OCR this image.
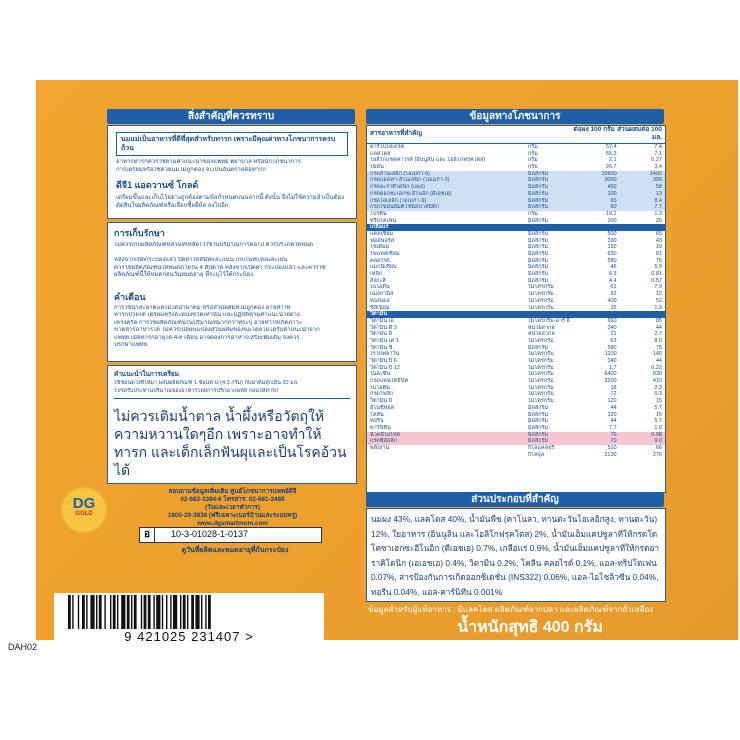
สิ่งสำคัญที่ควรทราบ
นมแม่เป็นอาหารที่ดีที่สุดสำหรับทารก เพราะมีคุณค่าทางโภชนาการครบถ้วน
อาหารทารกควรใช้ตามคำแนะนำของแพทย์ พยาบาล หรือนักโภชนาการ
การเตรียมหรือใช้ด้วยนมไม่ถูกต้อง จะเป็นอันตรายต่อทารก
ดีจี1 แอดวานซ์ โกลด์
เตรียมขึ้นและเก็บไว้อย่างถูกต้องตามข้อกำหนดบนฉลากนี้ ดังนั้น จึงไม่ใช้ความจำเป็นต้องตัดสินใจผลิตภัณฑ์หรือเลือกซื้อยี่ห้อ ลงไปอีก
การเก็บรักษา
ไม่ควรเก็บผลิตภัณฑ์ที่ส่วนที่เหลือไว้ใช้ในปริมาณการต่อไป ควรบริโภคให้หมด
หลังจากเปิดกระป๋องแล้ว ปิดฝาให้สนิทและแน่น เก็บในที่แห้งและเย็น
ควรใช้ผลิตภัณฑ์นี้ให้หมดภายใน 4 สัปดาห์ หลังจากเปิดฝา กระป๋องแล้ว และควรใช้ผลิตภัณฑ์นี้ให้หมดก่อนวันหมดอายุ ที่ระบุไว้ใต้กระป๋อง
คำเตือน
การใช้น้ำสะอาดแต่ไม่ได้นำมาต้ม หรือส่วนผสมที่ไม่ถูกต้อง อาจทำให้
ทารกป่วยได้ เตรียมครั้งละหนึ่งขวดเท่านั้น และปฏิบัติตามคำแนะนำอย่าง
เคร่งครัด การใช้ผลิตภัณฑ์นี้ในปริมาณที่มากกว่าที่ระบุ อาจทำให้เกิดภาวะ
ขาดสารอาหารได้ ไม่ควรเปลี่ยนแปลงส่วนผสมของนมโดยไม่ได้รับคำแนะนำจาก
แพทย์ เมื่อทารกอายุได้ 4-6 เดือน อาจต้องการอาหารเสริมเพิ่มเติม จึงควร
ปรึกษาแพทย์
คำแนะนำในการเตรียม
ใช้ช้อนตวงที่ให้มา ผสมผลิตภัณฑ์ 1 ช้อนตวง (4.3 กรัม) กับน้ำต้มสุกเย็น 30 มล.
โปรดรับประทานปริมาณของอาหารโดยการปรึกษาแพทย์ ก่อนให้ทารก
ไม่ควรเติมน้ำตาล น้ำผึ้งหรือวัตถุให้ความหวานใดๆอีก เพราะอาจทำให้ทารก และเด็กเล็กฟันผุและเป็นโรคอ้วนได้
DG
GOLD
สอบถามข้อมูลเพิ่มเติม ศูนย์โภชนาการแพทย์ดีจี
02-683-3394-6 โทรสาร: 02-681-2488
(วันและเวลาทำการ)
1800-29-3838 (ฟรีเฉพาะเบอร์บ้านและระบบทรู)
www.dgsmartmom.com
อ	10-3-01028-1-0137
ดูวันที่ผลิตและหมดอายุที่ก้นกระป๋อง
ข้อมูลทางโภชนาการ
สารอาหารที่สำคัญ
ต่อผง 100 กรัม ส่วนผสมต่อ 100 มล.
คาร์โบไฮเดรต	กรัม	57.4	7.4
แลคโตส	กรัม	55.3	7.1
โอลิโกแซคคาไรด์ (อินนูลิน และ โอลิโกฟรุคโตส)	กรัม	2.1	0.27
ไขมัน	กรัม	26.7	3.4
กรดลิโนเลอิก (โอเมก้า-6)	มิลลิกรัม	10600	1400
กรดแอลฟา-ลิโนเลนิก (โอเมก้า-3)	มิลลิกรัม	3000	390
กรดอะราคิโดนิก (เอเอ)	มิลลิกรัม	450	58
กรดดอกซะเฮกซะอีโนอิก (ดีเอชเอ)	มิลลิกรัม	100	13
กรดโอเลอิก (โอเมก้า-9)	มิลลิกรัม	65	8.4
กรดไขมันอิ่มตัวชนิดปาล์มิติก	มิลลิกรัม	60	7.7
โปรตีน	กรัม	10.1	1.3
ทริปโตเฟน	มิลลิกรัม	200	26
เกลือแร่
แคลเซียม	มิลลิกรัม	500	65
ฟอสฟอรัส	มิลลิกรัม	330	43
โซเดียม	มิลลิกรัม	150	19
โพแทสเซียม	มิลลิกรัม	630	81
คลอไรด์	มิลลิกรัม	580	75
แมกนีเซียม	มิลลิกรัม	46	5.9
เหล็ก	มิลลิกรัม	6.3	0.81
สังกะสี	มิลลิกรัม	4.4	0.57
ไอโอดีน	ไมโครกรัม	61	7.9
แมงกานีส	ไมโครกรัม	92	12
ทองแดง	ไมโครกรัม	400	52
ซีลีเนียม	ไมโครกรัม	15	1.9
วิตามิน
วิตามิน เอ	ไมโครกรัม-อาร์ อี	660	85
วิตามิน ดี 3	หน่วยสากล	340	44
วิตามิน อี	หน่วยสากล	21	2.7
วิตามิน เค 1	ไมโครกรัม	63	8.0
วิตามิน ซี	มิลลิกรัม	580	75
ไรโบฟลาวิน	ไมโครกรัม	1100	140
วิตามิน บี 6	ไมโครกรัม	340	44
วิตามิน บี 12	ไมโครกรัม	1.7	0.22
ไนอะซิน	ไมโครกรัม	6400	830
กรดแพนโทธินิค	ไมโครกรัม	3200	410
ไบโอติน	ไมโครกรัม	18	2.3
กรดโฟลิก	ไมโครกรัม	72	9.3
วิตามิน บี	ไมโครกรัม	120	15
อิโนซิทอล	มิลลิกรัม	44	5.7
โคลีน	มิลลิกรัม	120	15
ทอรีน	มิลลิกรัม	44	5.7
คาร์นิทีน	มิลลิกรัม	7.7	1.0
นิวคลีโอไทด์	มิลลิกรัม	76	0.98
กรดซีอัลลิก	มิลลิกรัม	70	9.0
พลังงาน	กิโลแคลอรี	510	66
กิโลจูล	2130	276
ส่วนประกอบที่สำคัญ
นมผง 43%, แลคโตส 40%, น้ำมันพืช (คาโนลา, ทานตะวันโอเลอิกสูง, ทานตะวัน) 12%, ใยอาหาร (อินนูลิน และโอลิโกฟรุคโตส) 2%, น้ำมันเอ็มแคปซูลาที่ให้กรดโดโคซาเฮกซะอีโนอิก (ดีเอชเอ) 0.7%, เกลือแร่ 0.6%, น้ำมันเอ็มแคปซูลาที่ให้กรดอาราคิโดนิก (เอเอชเอ) 0.4%, วิตามิน 0.2%, โคลีน คลอไรด์ 0.1%, แอล-ทริปโตเฟน 0.07%, สารป้องกันการเกิดออกซิเดชั่น (INS322) 0.06%, แอล-ไอโซลิวซีน 0.04%, ทอรีน 0.04%, แอล-คาร์นิทีน 0.001%
ข้อมูลสำหรับผู้แพ้อาหาร : มีแลคโตส ผลิตภัณฑ์จากปลา และผลิตภัณฑ์จากถั่วเหลือง
น้ำหนักสุทธิ 400 กรัม
9 421025 231407 >
DAH02
